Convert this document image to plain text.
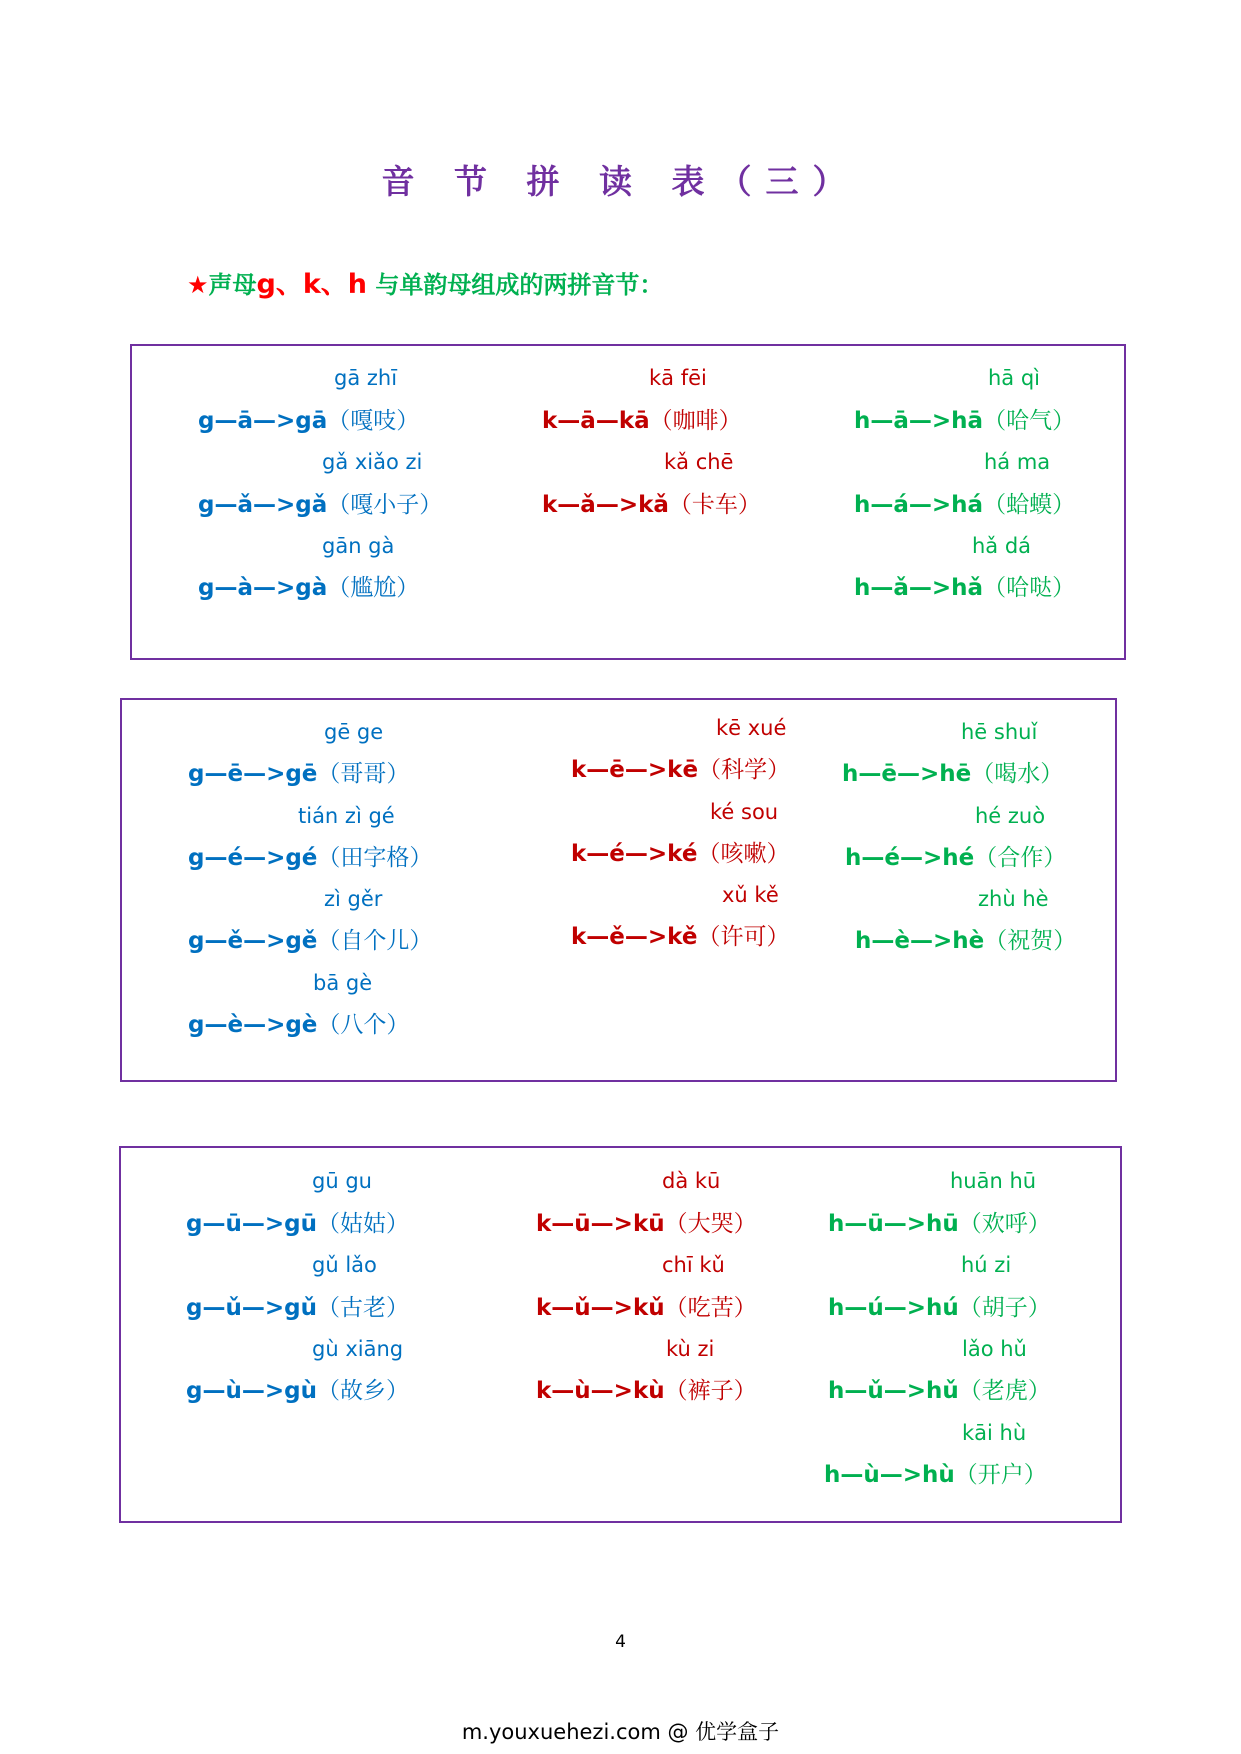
音 节 拼 读 表（三）
★声母g、k、h 与单韵母组成的两拼音节：
gā zhī
g—ā—>gā（嘎吱）
gǎ xiǎo zi
g—ǎ—>gǎ（嘎小子）
gān gà
g—à—>gà（尴尬）
kā fēi
k—ā—kā（咖啡）
kǎ chē
k—ǎ—>kǎ（卡车）
hā qì
h—ā—>hā（哈气）
há ma
h—á—>há（蛤蟆）
hǎ dá
h—ǎ—>hǎ（哈哒）
gē ge
g—ē—>gē（哥哥）
tián zì gé
g—é—>gé（田字格）
zì gěr
g—ě—>gě（自个儿）
bā gè
g—è—>gè（八个）
kē xué
k—ē—>kē（科学）
ké sou
k—é—>ké（咳嗽）
xǔ kě
k—ě—>kě（许可）
hē shuǐ
h—ē—>hē（喝水）
hé zuò
h—é—>hé（合作）
zhù hè
h—è—>hè（祝贺）
gū gu
g—ū—>gū（姑姑）
gǔ lǎo
g—ǔ—>gǔ（古老）
gù xiāng
g—ù—>gù（故乡）
dà kū
k—ū—>kū（大哭）
chī kǔ
k—ǔ—>kǔ（吃苦）
kù zi
k—ù—>kù（裤子）
huān hū
h—ū—>hū（欢呼）
hú zi
h—ú—>hú（胡子）
lǎo hǔ
h—ǔ—>hǔ（老虎）
kāi hù
h—ù—>hù（开户）
4
m.youxuehezi.com @ 优学盒子
